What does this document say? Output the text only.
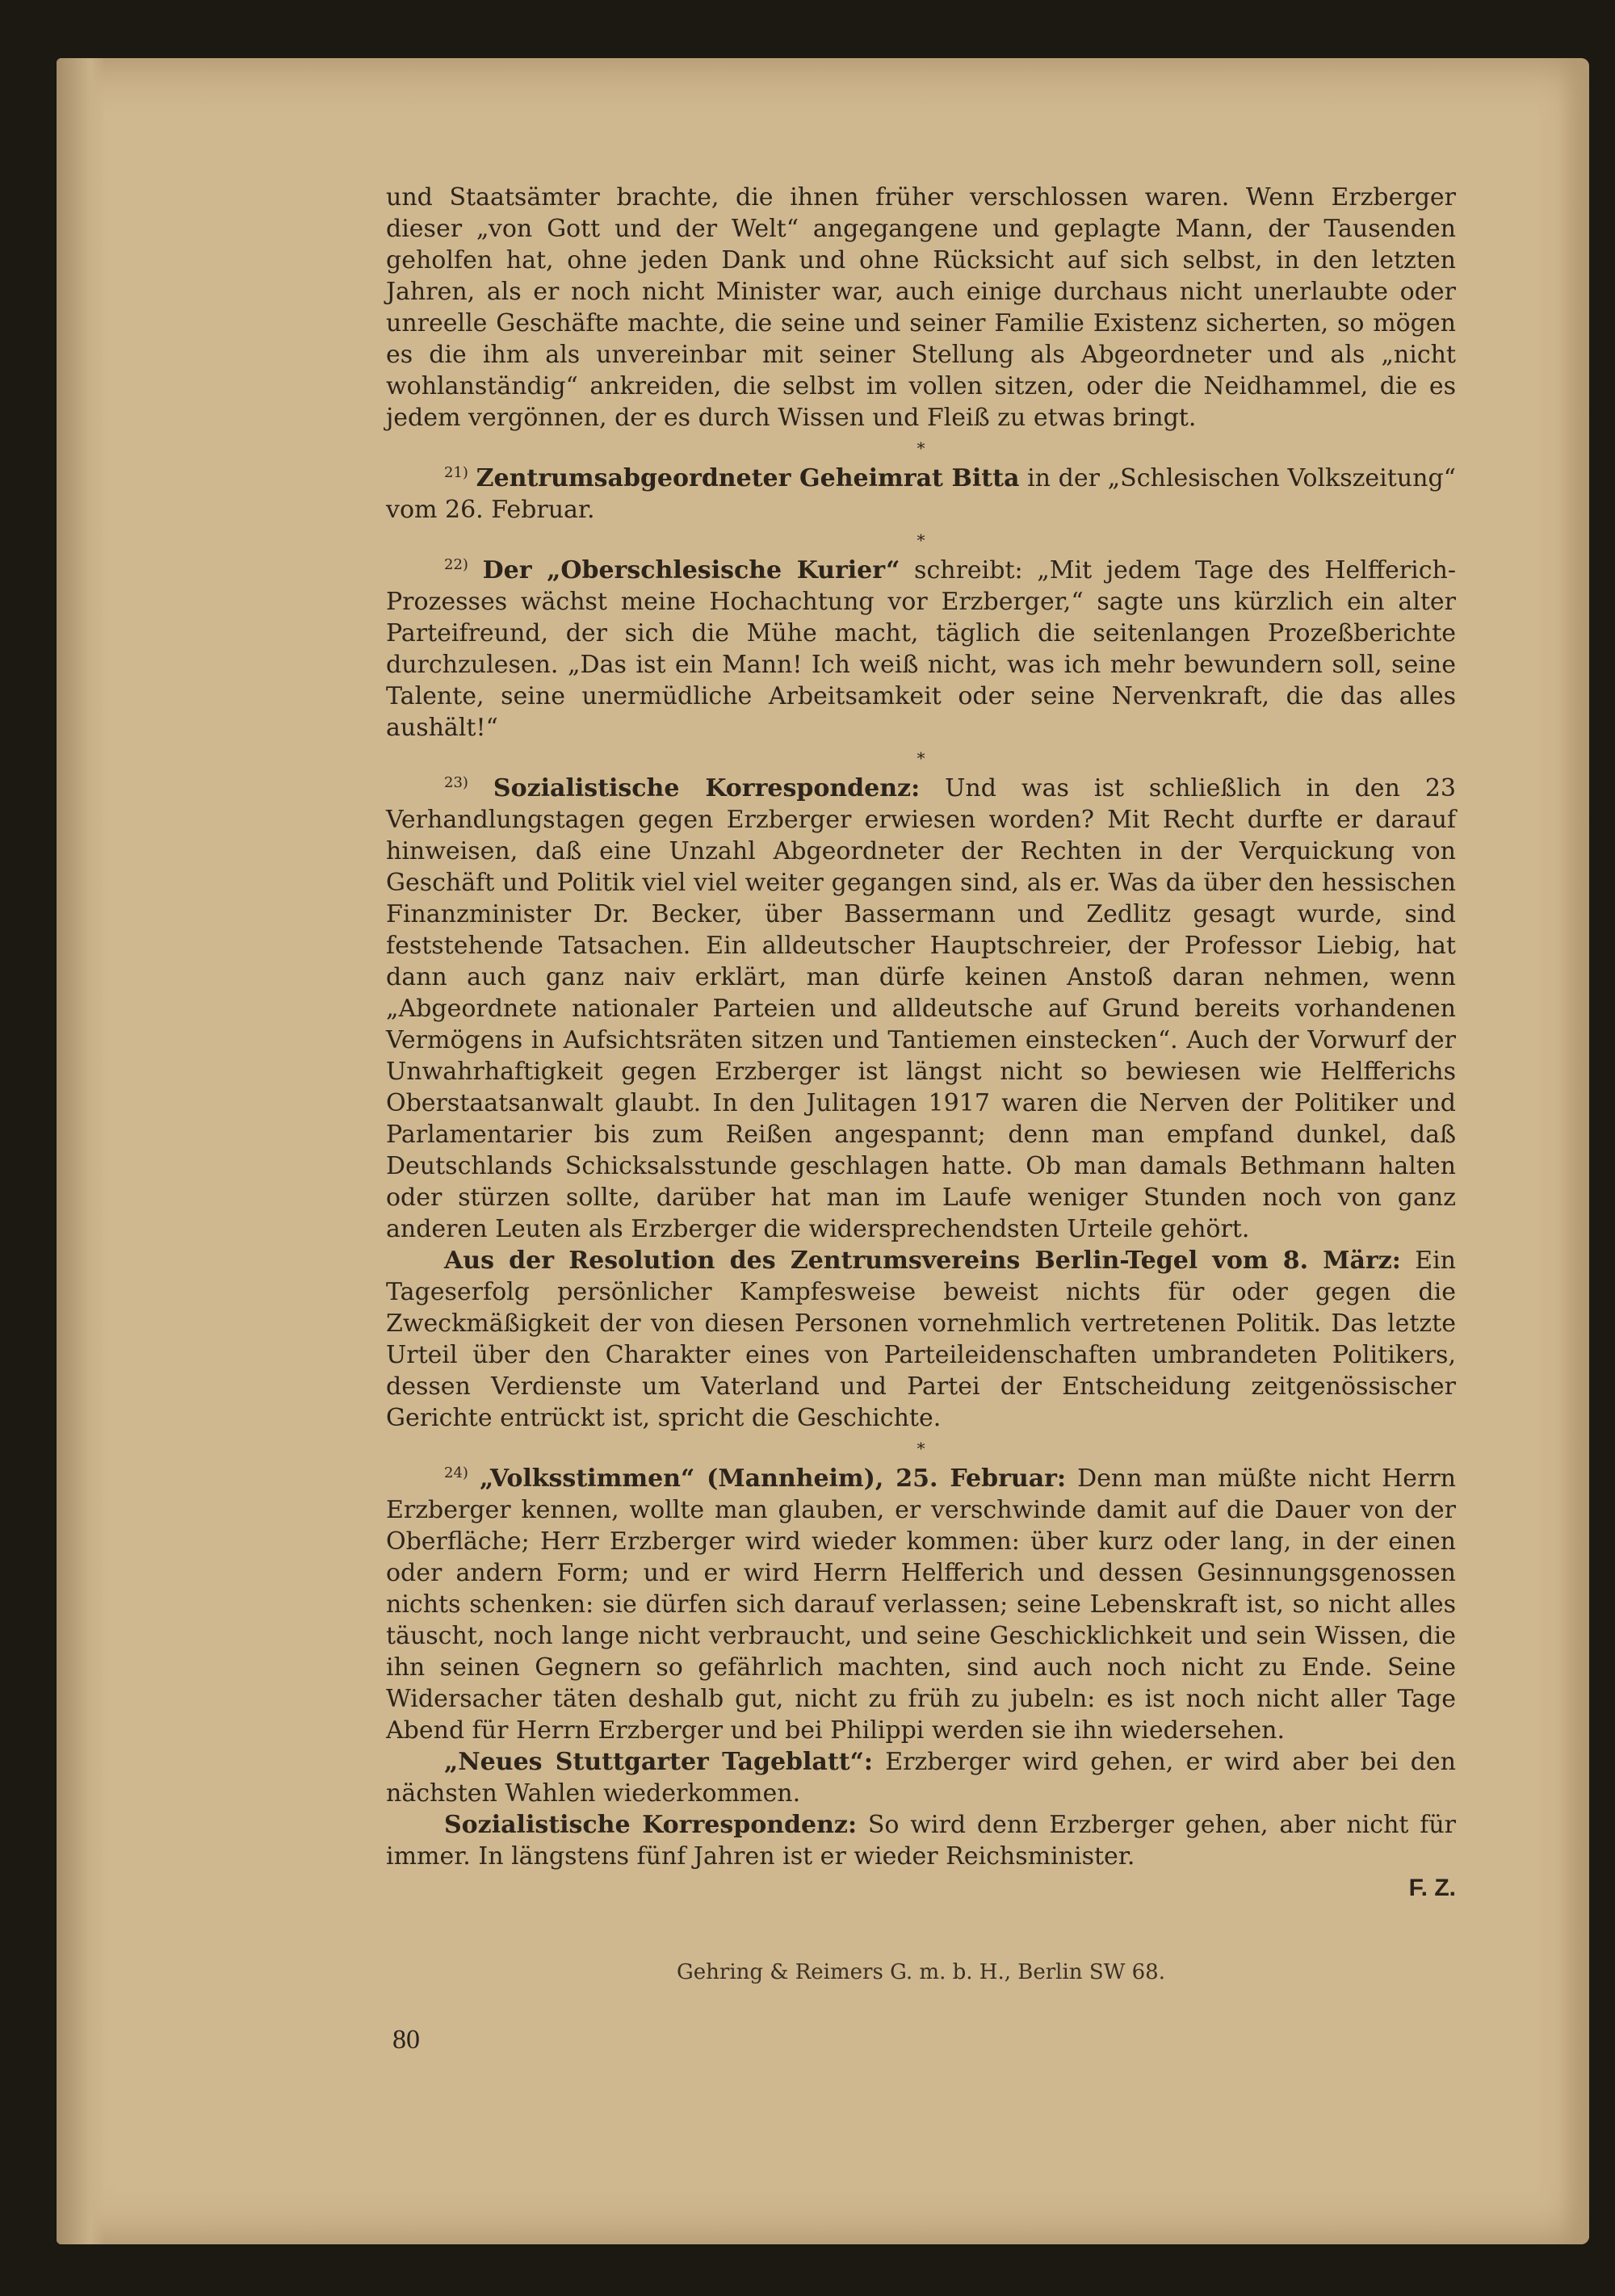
und Staatsämter brachte, die ihnen früher verschlossen waren. Wenn Erzberger dieser „von Gott und der Welt“ angegangene und geplagte Mann, der Tausenden geholfen hat, ohne jeden Dank und ohne Rücksicht auf sich selbst, in den letzten Jahren, als er noch nicht Minister war, auch einige durchaus nicht unerlaubte oder unreelle Geschäfte machte, die seine und seiner Familie Existenz sicherten, so mögen es die ihm als unvereinbar mit seiner Stellung als Abgeordneter und als „nicht wohlanständig“ ankreiden, die selbst im vollen sitzen, oder die Neidhammel, die es jedem vergönnen, der es durch Wissen und Fleiß zu etwas bringt.

*

$^{21)}$ Zentrumsabgeordneter Geheimrat Bitta in der „Schlesischen Volkszeitung“ vom 26. Februar.

*

$^{22)}$ Der „Oberschlesische Kurier“ schreibt: „Mit jedem Tage des Helfferich-Prozesses wächst meine Hochachtung vor Erzberger,“ sagte uns kürzlich ein alter Parteifreund, der sich die Mühe macht, täglich die seitenlangen Prozeßberichte durchzulesen. „Das ist ein Mann! Ich weiß nicht, was ich mehr bewundern soll, seine Talente, seine unermüdliche Arbeitsamkeit oder seine Nervenkraft, die das alles aushält!“

*

$^{23)}$ Sozialistische Korrespondenz: Und was ist schließlich in den 23 Verhandlungstagen gegen Erzberger erwiesen worden? Mit Recht durfte er darauf hinweisen, daß eine Unzahl Abgeordneter der Rechten in der Verquickung von Geschäft und Politik viel viel weiter gegangen sind, als er. Was da über den hessischen Finanzminister Dr. Becker, über Bassermann und Zedlitz gesagt wurde, sind feststehende Tatsachen. Ein alldeutscher Hauptschreier, der Professor Liebig, hat dann auch ganz naiv erklärt, man dürfe keinen Anstoß daran nehmen, wenn „Abgeordnete nationaler Parteien und alldeutsche auf Grund bereits vorhandenen Vermögens in Aufsichtsräten sitzen und Tantiemen einstecken“. Auch der Vorwurf der Unwahrhaftigkeit gegen Erzberger ist längst nicht so bewiesen wie Helfferichs Oberstaatsanwalt glaubt. In den Julitagen 1917 waren die Nerven der Politiker und Parlamentarier bis zum Reißen angespannt; denn man empfand dunkel, daß Deutschlands Schicksalsstunde geschlagen hatte. Ob man damals Bethmann halten oder stürzen sollte, darüber hat man im Laufe weniger Stunden noch von ganz anderen Leuten als Erzberger die widersprechendsten Urteile gehört.

Aus der Resolution des Zentrumsvereins Berlin-Tegel vom 8. März: Ein Tageserfolg persönlicher Kampfesweise beweist nichts für oder gegen die Zweckmäßigkeit der von diesen Personen vornehmlich vertretenen Politik. Das letzte Urteil über den Charakter eines von Parteileidenschaften umbrandeten Politikers, dessen Verdienste um Vaterland und Partei der Entscheidung zeitgenössischer Gerichte entrückt ist, spricht die Geschichte.

*

$^{24)}$ „Volksstimmen“ (Mannheim), 25. Februar: Denn man müßte nicht Herrn Erzberger kennen, wollte man glauben, er verschwinde damit auf die Dauer von der Oberfläche; Herr Erzberger wird wieder kommen: über kurz oder lang, in der einen oder andern Form; und er wird Herrn Helfferich und dessen Gesinnungsgenossen nichts schenken: sie dürfen sich darauf verlassen; seine Lebenskraft ist, so nicht alles täuscht, noch lange nicht verbraucht, und seine Geschicklichkeit und sein Wissen, die ihn seinen Gegnern so gefährlich machten, sind auch noch nicht zu Ende. Seine Widersacher täten deshalb gut, nicht zu früh zu jubeln: es ist noch nicht aller Tage Abend für Herrn Erzberger und bei Philippi werden sie ihn wiedersehen.

„Neues Stuttgarter Tageblatt“: Erzberger wird gehen, er wird aber bei den nächsten Wahlen wiederkommen.

Sozialistische Korrespondenz: So wird denn Erzberger gehen, aber nicht für immer. In längstens fünf Jahren ist er wieder Reichsminister.

F. Z.

Gehring & Reimers G. m. b. H., Berlin SW 68.
80
